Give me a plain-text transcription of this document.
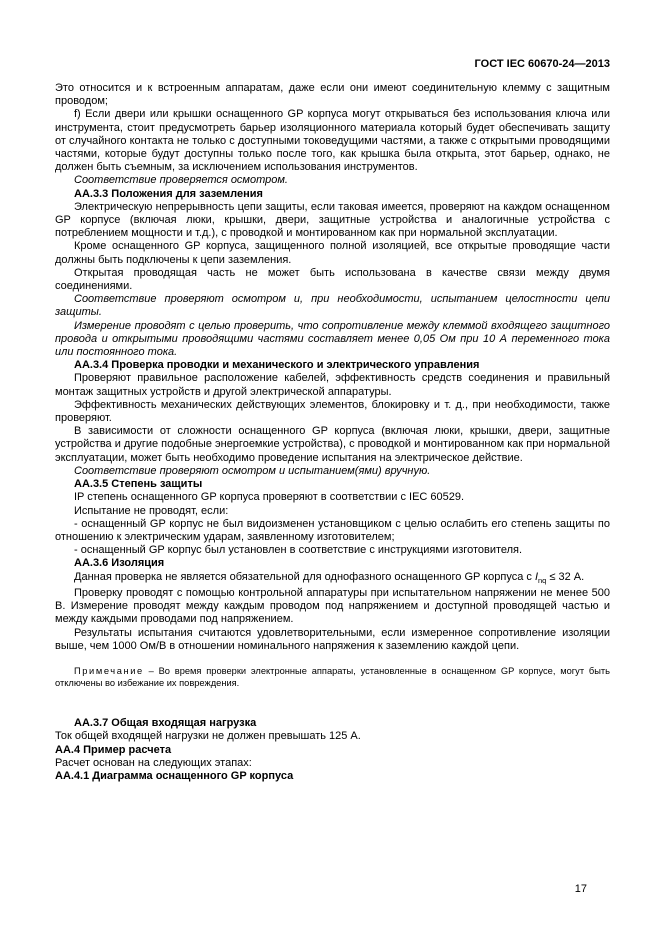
ГОСТ IEC 60670-24—2013

Это относится и к встроенным аппаратам, даже если они имеют соединительную клемму с защитным проводом;

f) Если двери или крышки оснащенного GP корпуса могут открываться без использования ключа или инструмента, стоит предусмотреть барьер изоляционного материала который будет обеспечивать защиту от случайного контакта не только с доступными токоведущими частями, а также с открытыми проводящими частями, которые будут доступны только после того, как крышка была открыта, этот барьер, однако, не должен быть съемным, за исключением использования инструментов.

Соответствие проверяется осмотром.

АА.3.3 Положения для заземления

Электрическую непрерывность цепи защиты, если таковая имеется, проверяют на каждом оснащенном GP корпусе (включая люки, крышки, двери, защитные устройства и аналогичные устройства с потреблением мощности и т.д.), с проводкой и монтированном как при нормальной эксплуатации.

Кроме оснащенного GP корпуса, защищенного полной изоляцией, все открытые проводящие части должны быть подключены к цепи заземления.

Открытая проводящая часть не может быть использована в качестве связи между двумя соединениями.

Соответствие проверяют осмотром и, при необходимости, испытанием целостности цепи защиты.

Измерение проводят с целью проверить, что сопротивление между клеммой входящего защитного провода и открытыми проводящими частями составляет менее 0,05 Ом при 10 А переменного тока или постоянного тока.

АА.3.4 Проверка проводки и механического и электрического управления

Проверяют правильное расположение кабелей, эффективность средств соединения и правильный монтаж защитных устройств и другой электрической аппаратуры.

Эффективность механических действующих элементов, блокировку и т. д., при необходимости, также проверяют.

В зависимости от сложности оснащенного GP корпуса (включая люки, крышки, двери, защитные устройства и другие подобные энергоемкие устройства), с проводкой и монтированном как при нормальной эксплуатации, может быть необходимо проведение испытания на электрическое действие.

Соответствие проверяют осмотром и испытанием(ями) вручную.

АА.3.5 Степень защиты

IP степень оснащенного GP корпуса проверяют в соответствии с IEC 60529.

Испытание не проводят, если:

- оснащенный GP корпус не был видоизменен установщиком с целью ослабить его степень защиты по отношению к электрическим ударам, заявленному изготовителем;

- оснащенный GP корпус был установлен в соответствие с инструкциями изготовителя.

АА.3.6 Изоляция

Данная проверка не является обязательной для однофазного оснащенного GP корпуса с $I_{nq} \le 32$ А.

Проверку проводят с помощью контрольной аппаратуры при испытательном напряжении не менее 500 В. Измерение проводят между каждым проводом под напряжением и доступной проводящей частью и между каждыми проводами под напряжением.

Результаты испытания считаются удовлетворительными, если измеренное сопротивление изоляции выше, чем 1000 Ом/В в отношении номинального напряжения к заземлению каждой цепи.

Примечание – Во время проверки электронные аппараты, установленные в оснащенном GP корпусе, могут быть отключены во избежание их повреждения.

АА.3.7 Общая входящая нагрузка

Ток общей входящей нагрузки не должен превышать 125 А.

АА.4 Пример расчета

Расчет основан на следующих этапах:

АА.4.1 Диаграмма оснащенного GP корпуса

17
